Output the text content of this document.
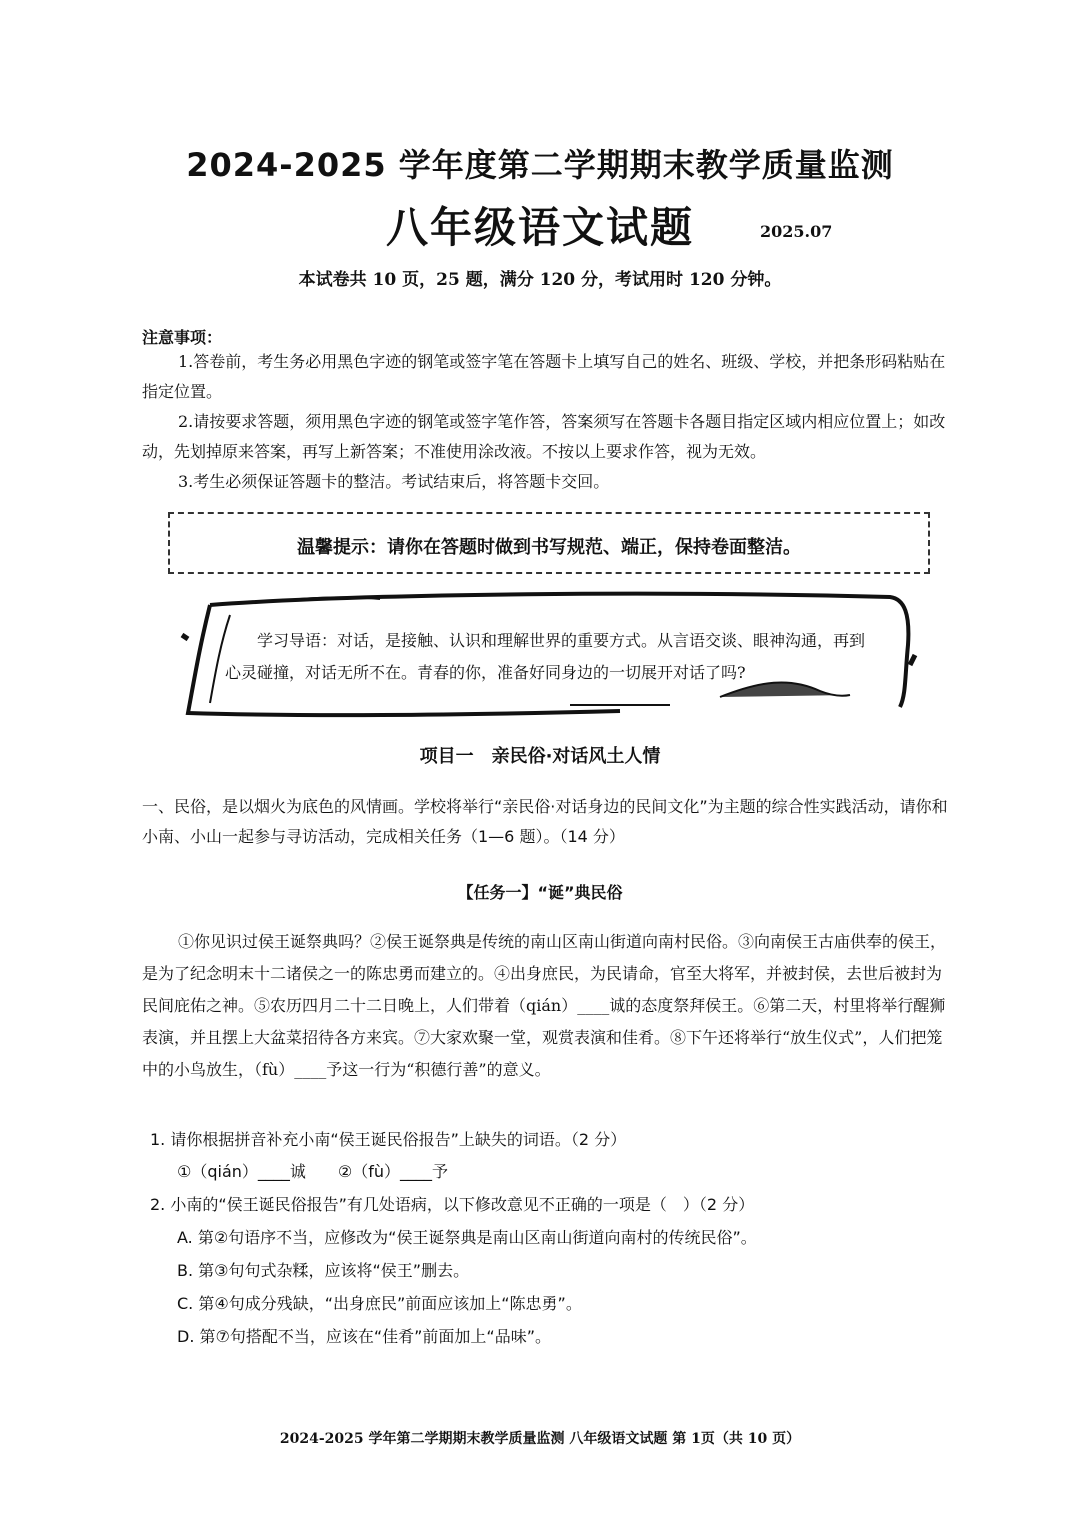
2024-2025 学年度第二学期期末教学质量监测
八年级语文试题	2025.07
本试卷共 10 页，25 题，满分 120 分，考试用时 120 分钟。
注意事项：
1.答卷前，考生务必用黑色字迹的钢笔或签字笔在答题卡上填写自己的姓名、班级、学校，并把条形码粘贴在指定位置。
2.请按要求答题，须用黑色字迹的钢笔或签字笔作答，答案须写在答题卡各题目指定区域内相应位置上；如改动，先划掉原来答案，再写上新答案；不准使用涂改液。不按以上要求作答，视为无效。
3.考生必须保证答题卡的整洁。考试结束后，将答题卡交回。
温馨提示：请你在答题时做到书写规范、端正，保持卷面整洁。
学习导语：对话，是接触、认识和理解世界的重要方式。从言语交谈、眼神沟通，再到心灵碰撞，对话无所不在。青春的你，准备好同身边的一切展开对话了吗?
项目一　亲民俗·对话风土人情
一、民俗，是以烟火为底色的风情画。学校将举行“亲民俗·对话身边的民间文化”为主题的综合性实践活动，请你和小南、小山一起参与寻访活动，完成相关任务（1—6 题）。（14 分）
【任务一】“诞”典民俗
①你见识过侯王诞祭典吗？②侯王诞祭典是传统的南山区南山街道向南村民俗。③向南侯王古庙供奉的侯王，是为了纪念明末十二诸侯之一的陈忠勇而建立的。④出身庶民，为民请命，官至大将军，并被封侯，去世后被封为民间庇佑之神。⑤农历四月二十二日晚上，人们带着（qián）____诚的态度祭拜侯王。⑥第二天，村里将举行醒狮表演，并且摆上大盆菜招待各方来宾。⑦大家欢聚一堂，观赏表演和佳肴。⑧下午还将举行“放生仪式”，人们把笼中的小鸟放生，（fù）____予这一行为“积德行善”的意义。
1. 请你根据拼音补充小南“侯王诞民俗报告”上缺失的词语。（2 分）
①（qián）____诚　　②（fù）____予
2. 小南的“侯王诞民俗报告”有几处语病，以下修改意见不正确的一项是（　）（2 分）
A. 第②句语序不当，应修改为“侯王诞祭典是南山区南山街道向南村的传统民俗”。
B. 第③句句式杂糅，应该将“侯王”删去。
C. 第④句成分残缺，“出身庶民”前面应该加上“陈忠勇”。
D. 第⑦句搭配不当，应该在“佳肴”前面加上“品味”。
2024-2025 学年第二学期期末教学质量监测 八年级语文试题 第 1页（共 10 页）
